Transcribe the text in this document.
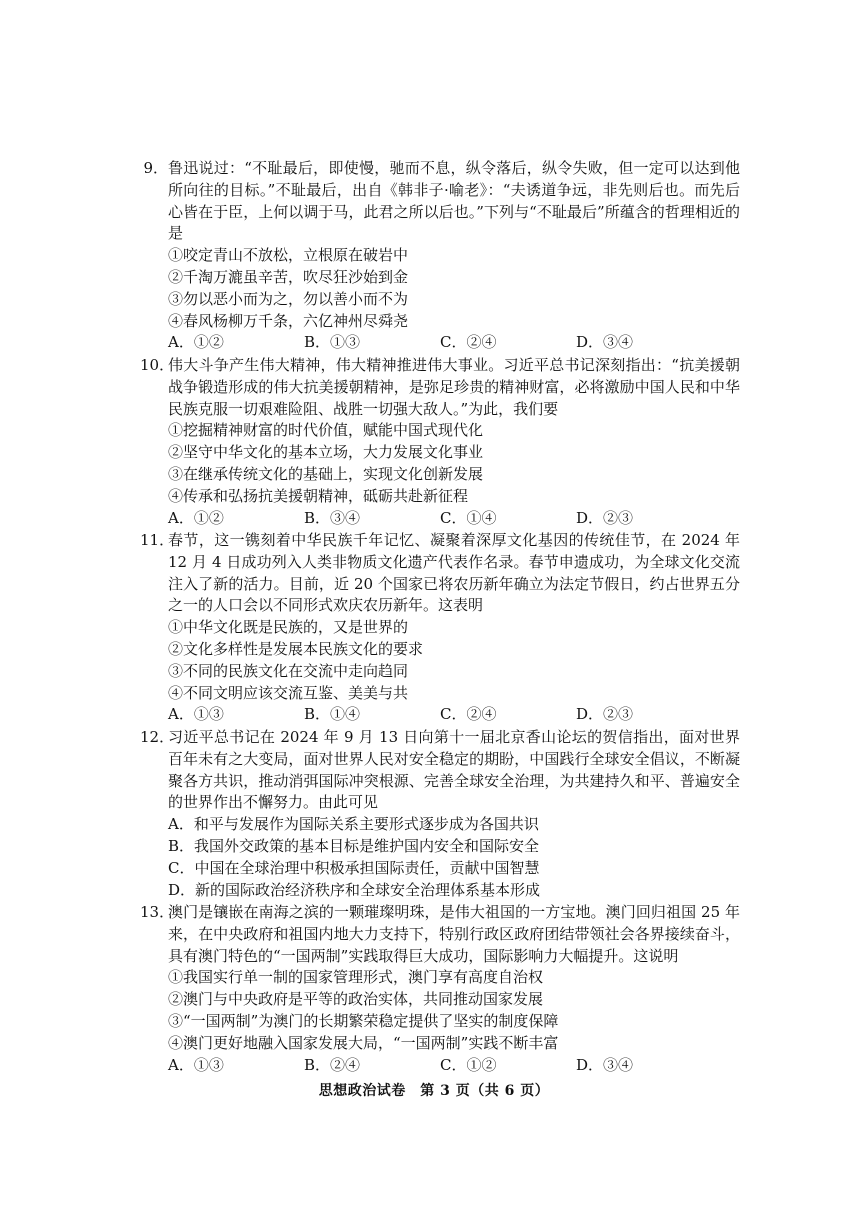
9． 鲁迅说过：“不耻最后，即使慢，驰而不息，纵令落后，纵令失败，但一定可以达到他所向往的目标。”不耻最后，出自《韩非子·喻老》：“夫诱道争远，非先则后也。而先后心皆在于臣，上何以调于马，此君之所以后也。”下列与“不耻最后”所蕴含的哲理相近的是
①咬定青山不放松，立根原在破岩中
②千淘万漉虽辛苦，吹尽狂沙始到金
③勿以恶小而为之，勿以善小而不为
④春风杨柳万千条，六亿神州尽舜尧
A．①②	B．①③	C．②④	D．③④
10．
伟大斗争产生伟大精神，伟大精神推进伟大事业。习近平总书记深刻指出：“抗美援朝战争锻造形成的伟大抗美援朝精神，是弥足珍贵的精神财富，必将激励中国人民和中华民族克服一切艰难险阻、战胜一切强大敌人。”为此，我们要
①挖掘精神财富的时代价值，赋能中国式现代化
②坚守中华文化的基本立场，大力发展文化事业
③在继承传统文化的基础上，实现文化创新发展
④传承和弘扬抗美援朝精神，砥砺共赴新征程
A．①②	B．③④	C．①④	D．②③
11．
春节，这一镌刻着中华民族千年记忆、凝聚着深厚文化基因的传统佳节，在 2024 年 12 月 4 日成功列入人类非物质文化遗产代表作名录。春节申遗成功，为全球文化交流注入了新的活力。目前，近 20 个国家已将农历新年确立为法定节假日，约占世界五分之一的人口会以不同形式欢庆农历新年。这表明
①中华文化既是民族的，又是世界的
②文化多样性是发展本民族文化的要求
③不同的民族文化在交流中走向趋同
④不同文明应该交流互鉴、美美与共
A．①③	B．①④	C．②④	D．②③
12．
习近平总书记在 2024 年 9 月 13 日向第十一届北京香山论坛的贺信指出，面对世界百年未有之大变局，面对世界人民对安全稳定的期盼，中国践行全球安全倡议，不断凝聚各方共识，推动消弭国际冲突根源、完善全球安全治理，为共建持久和平、普遍安全的世界作出不懈努力。由此可见
A．和平与发展作为国际关系主要形式逐步成为各国共识
B．我国外交政策的基本目标是维护国内安全和国际安全
C．中国在全球治理中积极承担国际责任，贡献中国智慧
D．新的国际政治经济秩序和全球安全治理体系基本形成
13．
澳门是镶嵌在南海之滨的一颗璀璨明珠，是伟大祖国的一方宝地。澳门回归祖国 25 年来，在中央政府和祖国内地大力支持下，特别行政区政府团结带领社会各界接续奋斗，具有澳门特色的“一国两制”实践取得巨大成功，国际影响力大幅提升。这说明
①我国实行单一制的国家管理形式，澳门享有高度自治权
②澳门与中央政府是平等的政治实体，共同推动国家发展
③“一国两制”为澳门的长期繁荣稳定提供了坚实的制度保障
④澳门更好地融入国家发展大局，“一国两制”实践不断丰富
A．①③	B．②④	C．①②	D．③④
思想政治试卷　第 3 页（共 6 页）
